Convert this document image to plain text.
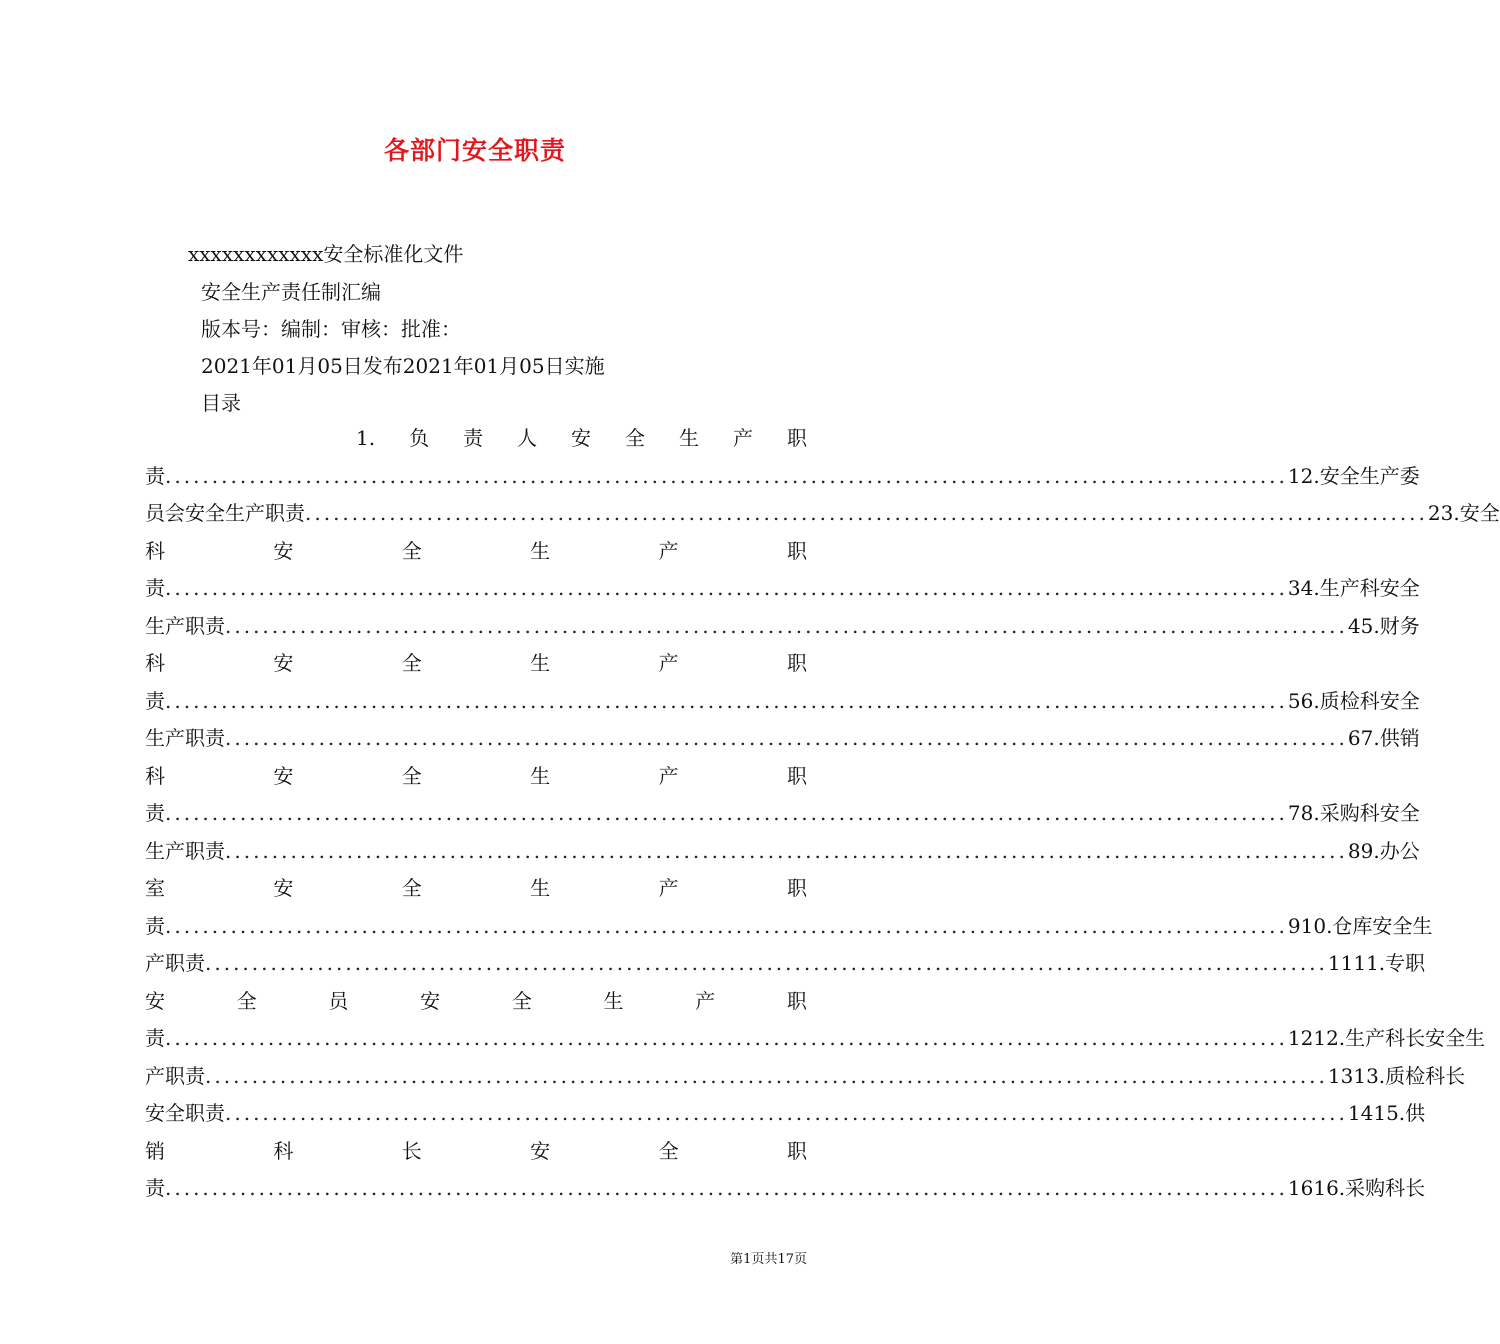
各部门安全职责
xxxxxxxxxxxx安全标准化文件
安全生产责任制汇编
版本号：编制：审核：批准：
2021年01月05日发布2021年01月05日实施
目录
1. 负 责 人 安 全 生 产 职
责 ........................................................................................................................ 12.安全生产委
员会安全生产职责 ........................................................................................................................ 23.安全
科	安	全	生	产	职
责 ........................................................................................................................ 34.生产科安全
生产职责 ........................................................................................................................ 45.财务
科	安	全	生	产	职
责 ........................................................................................................................ 56.质检科安全
生产职责 ........................................................................................................................ 67.供销
科	安	全	生	产	职
责 ........................................................................................................................ 78.采购科安全
生产职责 ........................................................................................................................ 89.办公
室	安	全	生	产	职
责 ........................................................................................................................ 910.仓库安全生
产职责 ........................................................................................................................ 1111.专职
安	全	员	安	全	生	产	职
责 ........................................................................................................................ 1212.生产科长安全生
产职责 ........................................................................................................................ 1313.质检科长
安全职责 ........................................................................................................................ 1415.供
销	科	长	安	全	职
责 ........................................................................................................................ 1616.采购科长
第1页共17页
